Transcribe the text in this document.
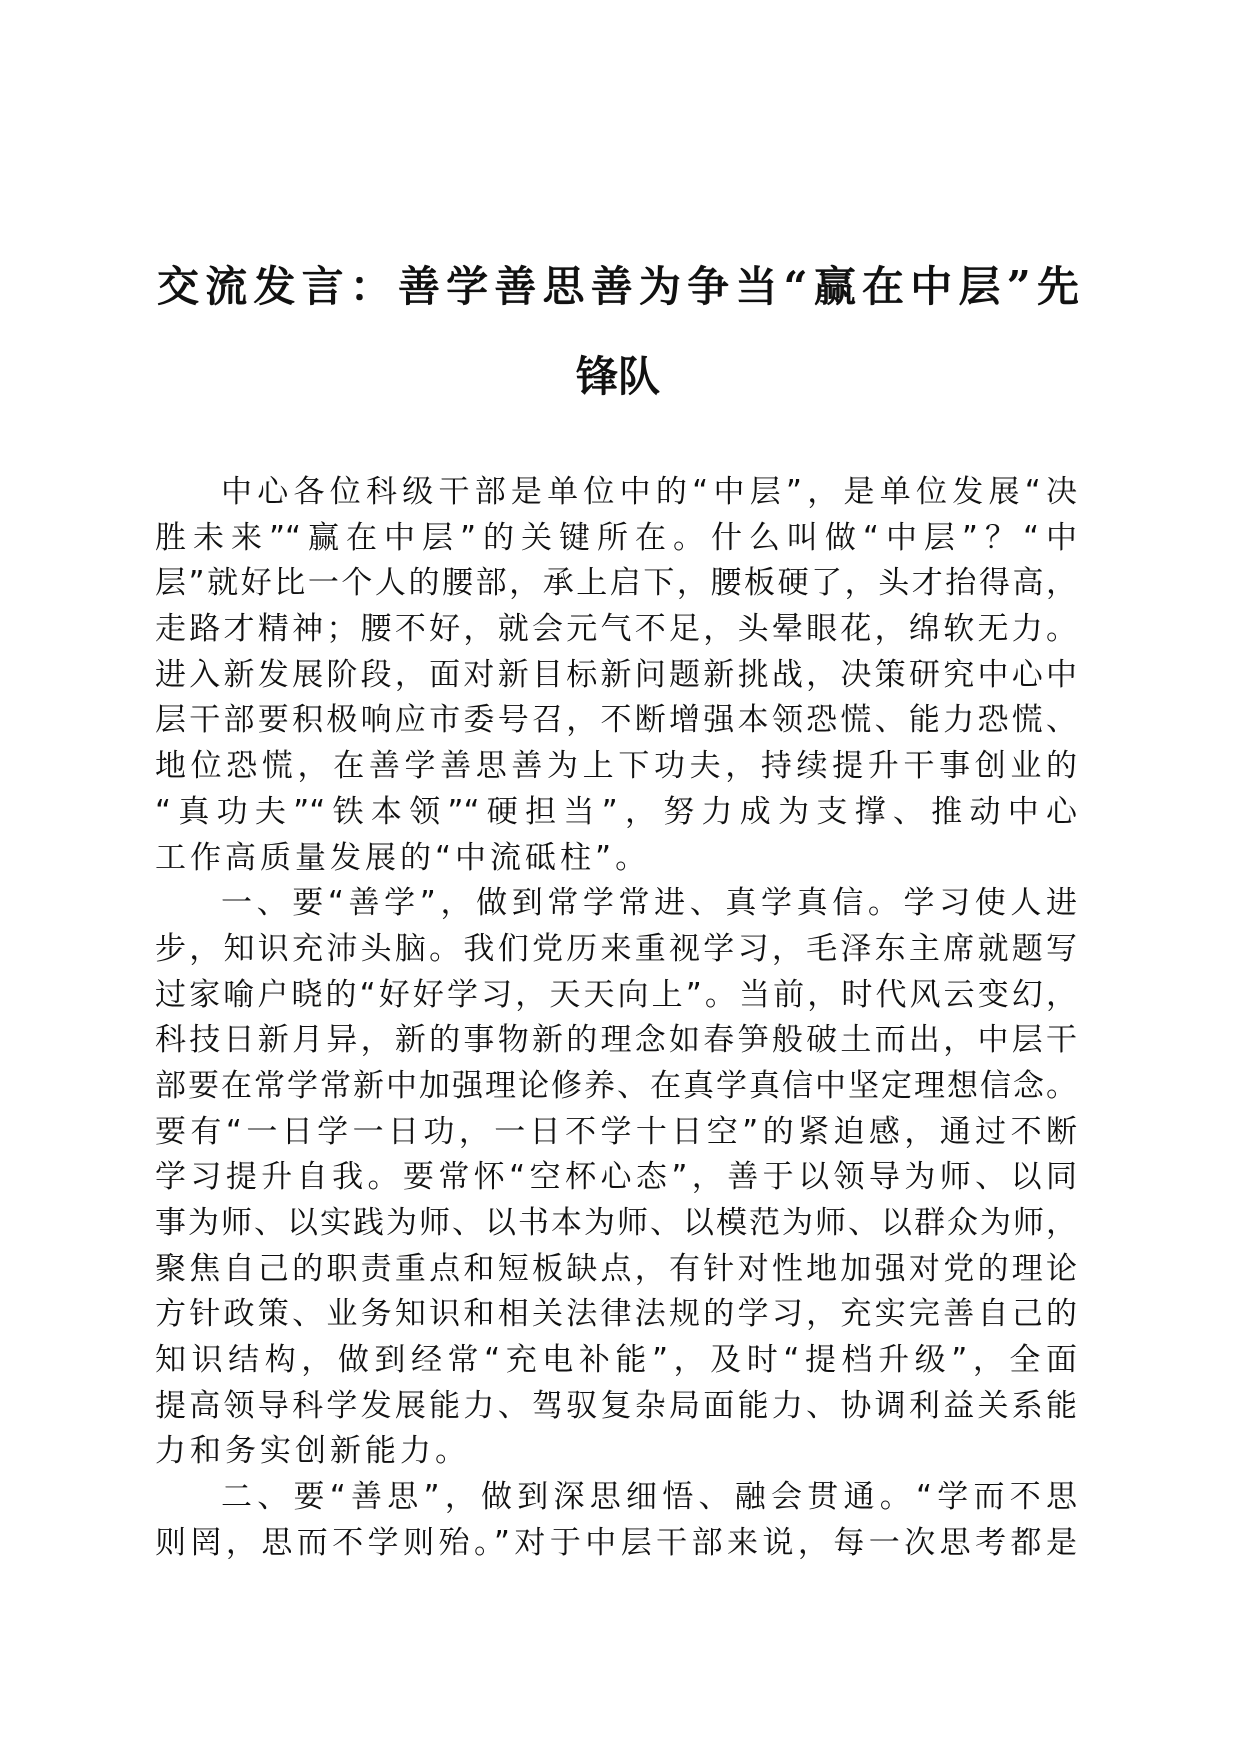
交流发言：善学善思善为争当“赢在中层”先
锋队
中心各位科级干部是单位中的“中层”，是单位发展“决
胜未来”“赢在中层”的关键所在。什么叫做“中层”？“中
层”就好比一个人的腰部，承上启下，腰板硬了，头才抬得高，
走路才精神；腰不好，就会元气不足，头晕眼花，绵软无力。
进入新发展阶段，面对新目标新问题新挑战，决策研究中心中
层干部要积极响应市委号召，不断增强本领恐慌、能力恐慌、
地位恐慌，在善学善思善为上下功夫，持续提升干事创业的
“真功夫”“铁本领”“硬担当”，努力成为支撑、推动中心
工作高质量发展的“中流砥柱”。
一、要“善学”，做到常学常进、真学真信。学习使人进
步，知识充沛头脑。我们党历来重视学习，毛泽东主席就题写
过家喻户晓的“好好学习，天天向上”。当前，时代风云变幻，
科技日新月异，新的事物新的理念如春笋般破土而出，中层干
部要在常学常新中加强理论修养、在真学真信中坚定理想信念。
要有“一日学一日功，一日不学十日空”的紧迫感，通过不断
学习提升自我。要常怀“空杯心态”，善于以领导为师、以同
事为师、以实践为师、以书本为师、以模范为师、以群众为师，
聚焦自己的职责重点和短板缺点，有针对性地加强对党的理论
方针政策、业务知识和相关法律法规的学习，充实完善自己的
知识结构，做到经常“充电补能”，及时“提档升级”，全面
提高领导科学发展能力、驾驭复杂局面能力、协调利益关系能
力和务实创新能力。
二、要“善思”，做到深思细悟、融会贯通。“学而不思
则罔，思而不学则殆。”对于中层干部来说，每一次思考都是
